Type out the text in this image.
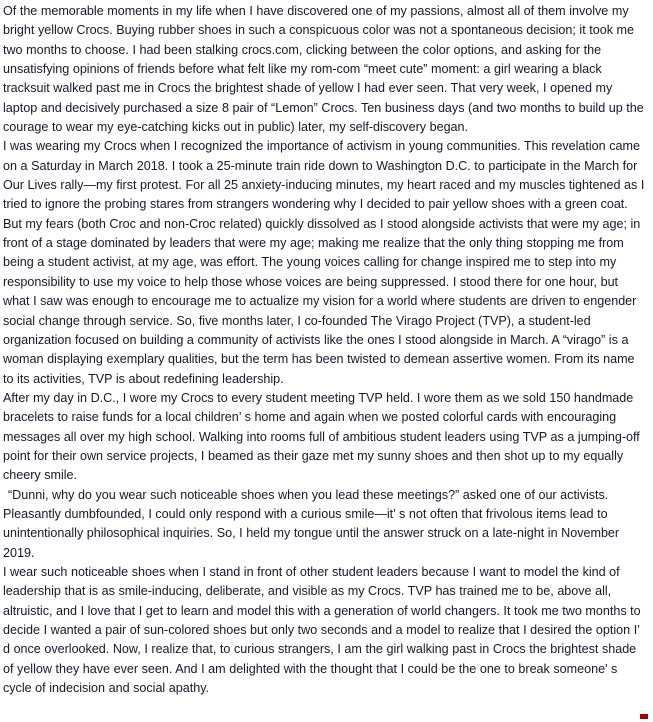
Of the memorable moments in my life when I have discovered one of my passions, almost all of them involve my bright yellow Crocs. Buying rubber shoes in such a conspicuous color was not a spontaneous decision; it took me two months to choose. I had been stalking crocs.com, clicking between the color options, and asking for the unsatisfying opinions of friends before what felt like my rom-com “meet cute” moment: a girl wearing a black tracksuit walked past me in Crocs the brightest shade of yellow I had ever seen. That very week, I opened my laptop and decisively purchased a size 8 pair of “Lemon” Crocs. Ten business days (and two months to build up the courage to wear my eye-catching kicks out in public) later, my self-discovery began.

I was wearing my Crocs when I recognized the importance of activism in young communities. This revelation came on a Saturday in March 2018. I took a 25-minute train ride down to Washington D.C. to participate in the March for Our Lives rally—my first protest. For all 25 anxiety-inducing minutes, my heart raced and my muscles tightened as I tried to ignore the probing stares from strangers wondering why I decided to pair yellow shoes with a green coat.

But my fears (both Croc and non-Croc related) quickly dissolved as I stood alongside activists that were my age; in front of a stage dominated by leaders that were my age; making me realize that the only thing stopping me from being a student activist, at my age, was effort. The young voices calling for change inspired me to step into my responsibility to use my voice to help those whose voices are being suppressed. I stood there for one hour, but what I saw was enough to encourage me to actualize my vision for a world where students are driven to engender social change through service. So, five months later, I co-founded The Virago Project (TVP), a student-led organization focused on building a community of activists like the ones I stood alongside in March. A “virago” is a woman displaying exemplary qualities, but the term has been twisted to demean assertive women. From its name to its activities, TVP is about redefining leadership.

After my day in D.C., I wore my Crocs to every student meeting TVP held. I wore them as we sold 150 handmade bracelets to raise funds for a local children’ s home and again when we posted colorful cards with encouraging messages all over my high school. Walking into rooms full of ambitious student leaders using TVP as a jumping-off point for their own service projects, I beamed as their gaze met my sunny shoes and then shot up to my equally cheery smile.

“Dunni, why do you wear such noticeable shoes when you lead these meetings?” asked one of our activists. Pleasantly dumbfounded, I could only respond with a curious smile—it’ s not often that frivolous items lead to unintentionally philosophical inquiries. So, I held my tongue until the answer struck on a late-night in November 2019.

I wear such noticeable shoes when I stand in front of other student leaders because I want to model the kind of leadership that is as smile-inducing, deliberate, and visible as my Crocs. TVP has trained me to be, above all, altruistic, and I love that I get to learn and model this with a generation of world changers. It took me two months to decide I wanted a pair of sun-colored shoes but only two seconds and a model to realize that I desired the option I’ d once overlooked. Now, I realize that, to curious strangers, I am the girl walking past in Crocs the brightest shade of yellow they have ever seen. And I am delighted with the thought that I could be the one to break someone’ s cycle of indecision and social apathy.
